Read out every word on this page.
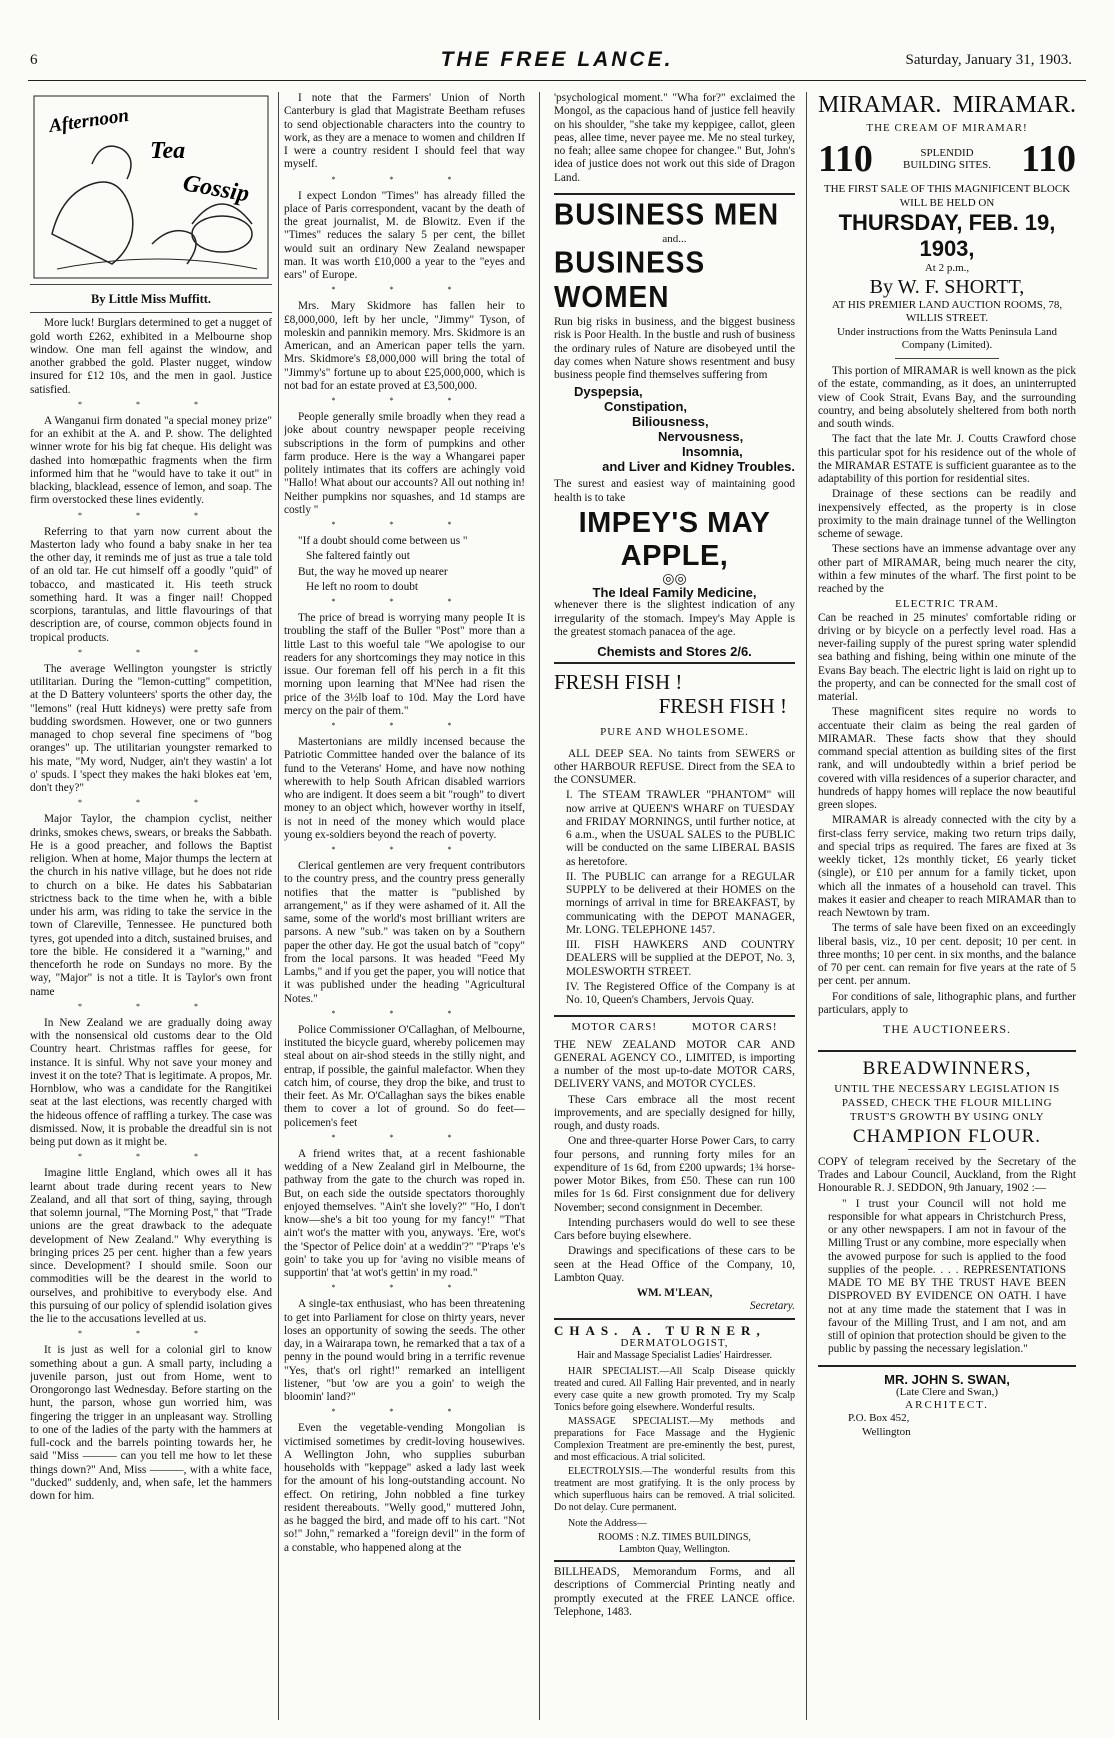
6	THE FREE LANCE.	Saturday, January 31, 1903.
Afternoon
Tea
Gossip
By Little Miss Muffitt.

More luck! Burglars determined to get a nugget of gold worth £262, exhibited in a Melbourne shop window. One man fell against the window, and another grabbed the gold. Plaster nugget, window insured for £12 10s, and the men in gaol. Justice satisfied.

* * *

A Wanganui firm donated "a special money prize" for an exhibit at the A. and P. show. The delighted winner wrote for his big fat cheque. His delight was dashed into homœpathic fragments when the firm informed him that he "would have to take it out" in blacking, blacklead, essence of lemon, and soap. The firm overstocked these lines evidently.

* * *

Referring to that yarn now current about the Masterton lady who found a baby snake in her tea the other day, it reminds me of just as true a tale told of an old tar. He cut himself off a goodly "quid" of tobacco, and masticated it. His teeth struck something hard. It was a finger nail! Chopped scorpions, tarantulas, and little flavourings of that description are, of course, common objects found in tropical products.

* * *

The average Wellington youngster is strictly utilitarian. During the "lemon-cutting" competition, at the D Battery volunteers' sports the other day, the "lemons" (real Hutt kidneys) were pretty safe from budding swordsmen. However, one or two gunners managed to chop several fine specimens of "bog oranges" up. The utilitarian youngster remarked to his mate, "My word, Nudger, ain't they wastin' a lot o' spuds. I 'spect they makes the haki blokes eat 'em, don't they?"

* * *

Major Taylor, the champion cyclist, neither drinks, smokes chews, swears, or breaks the Sabbath. He is a good preacher, and follows the Baptist religion. When at home, Major thumps the lectern at the church in his native village, but he does not ride to church on a bike. He dates his Sabbatarian strictness back to the time when he, with a bible under his arm, was riding to take the service in the town of Clareville, Tennessee. He punctured both tyres, got upended into a ditch, sustained bruises, and tore the bible. He considered it a "warning," and thenceforth he rode on Sundays no more. By the way, "Major" is not a title. It is Taylor's own front name

* * *

In New Zealand we are gradually doing away with the nonsensical old customs dear to the Old Country heart. Christmas raffles for geese, for instance. It is sinful. Why not save your money and invest it on the tote? That is legitimate. A propos, Mr. Hornblow, who was a candidate for the Rangitikei seat at the last elections, was recently charged with the hideous offence of raffling a turkey. The case was dismissed. Now, it is probable the dreadful sin is not being put down as it might be.

* * *

Imagine little England, which owes all it has learnt about trade during recent years to New Zealand, and all that sort of thing, saying, through that solemn journal, "The Morning Post," that "Trade unions are the great drawback to the adequate development of New Zealand." Why everything is bringing prices 25 per cent. higher than a few years since. Development? I should smile. Soon our commodities will be the dearest in the world to ourselves, and prohibitive to everybody else. And this pursuing of our policy of splendid isolation gives the lie to the accusations levelled at us.

* * *

It is just as well for a colonial girl to know something about a gun. A small party, including a juvenile parson, just out from Home, went to Orongorongo last Wednesday. Before starting on the hunt, the parson, whose gun worried him, was fingering the trigger in an unpleasant way. Strolling to one of the ladies of the party with the hammers at full-cock and the barrels pointing towards her, he said "Miss ——— can you tell me how to let these things down?" And, Miss ———, with a white face, "ducked" suddenly, and, when safe, let the hammers down for him.

I note that the Farmers' Union of North Canterbury is glad that Magistrate Beetham refuses to send objectionable characters into the country to work, as they are a menace to women and children If I were a country resident I should feel that way myself.

* * *

I expect London "Times" has already filled the place of Paris correspondent, vacant by the death of the great journalist, M. de Blowitz. Even if the "Times" reduces the salary 5 per cent, the billet would suit an ordinary New Zealand newspaper man. It was worth £10,000 a year to the "eyes and ears" of Europe.

* * *

Mrs. Mary Skidmore has fallen heir to £8,000,000, left by her uncle, "Jimmy" Tyson, of moleskin and pannikin memory. Mrs. Skidmore is an American, and an American paper tells the yarn. Mrs. Skidmore's £8,000,000 will bring the total of "Jimmy's" fortune up to about £25,000,000, which is not bad for an estate proved at £3,500,000.

* * *

People generally smile broadly when they read a joke about country newspaper people receiving subscriptions in the form of pumpkins and other farm produce. Here is the way a Whangarei paper politely intimates that its coffers are achingly void "Hallo! What about our accounts? All out nothing in! Neither pumpkins nor squashes, and 1d stamps are costly "

* * *

"If a doubt should come between us "

She faltered faintly out

But, the way he moved up nearer

He left no room to doubt

* * *

The price of bread is worrying many people It is troubling the staff of the Buller "Post" more than a little Last to this woeful tale "We apologise to our readers for any shortcomings they may notice in this issue. Our foreman fell off his perch in a fit this morning upon learning that M'Nee had risen the price of the 3½lb loaf to 10d. May the Lord have mercy on the pair of them."

* * *

Mastertonians are mildly incensed because the Patriotic Committee handed over the balance of its fund to the Veterans' Home, and have now nothing wherewith to help South African disabled warriors who are indigent. It does seem a bit "rough" to divert money to an object which, however worthy in itself, is not in need of the money which would place young ex-soldiers beyond the reach of poverty.

* * *

Clerical gentlemen are very frequent contributors to the country press, and the country press generally notifies that the matter is "published by arrangement," as if they were ashamed of it. All the same, some of the world's most brilliant writers are parsons. A new "sub." was taken on by a Southern paper the other day. He got the usual batch of "copy" from the local parsons. It was headed "Feed My Lambs," and if you get the paper, you will notice that it was published under the heading "Agricultural Notes."

* * *

Police Commissioner O'Callaghan, of Melbourne, instituted the bicycle guard, whereby policemen may steal about on air-shod steeds in the stilly night, and entrap, if possible, the gainful malefactor. When they catch him, of course, they drop the bike, and trust to their feet. As Mr. O'Callaghan says the bikes enable them to cover a lot of ground. So do feet—policemen's feet

* * *

A friend writes that, at a recent fashionable wedding of a New Zealand girl in Melbourne, the pathway from the gate to the church was roped in. But, on each side the outside spectators thoroughly enjoyed themselves. "Ain't she lovely?" "Ho, I don't know—she's a bit too young for my fancy!" "That ain't wot's the matter with you, anyways. 'Ere, wot's the 'Spector of Pelice doin' at a weddin'?" "P'raps 'e's goin' to take you up for 'aving no visible means of supportin' that 'at wot's gettin' in my road."

* * *

A single-tax enthusiast, who has been threatening to get into Parliament for close on thirty years, never loses an opportunity of sowing the seeds. The other day, in a Wairarapa town, he remarked that a tax of a penny in the pound would bring in a terrific revenue "Yes, that's orl right!" remarked an intelligent listener, "but 'ow are you a goin' to weigh the bloomin' land?"

* * *

Even the vegetable-vending Mongolian is victimised sometimes by credit-loving housewives. A Wellington John, who supplies suburban households with "keppage" asked a lady last week for the amount of his long-outstanding account. No effect. On retiring, John nobbled a fine turkey resident thereabouts. "Welly good," muttered John, as he bagged the bird, and made off to his cart. "Not so!" John," remarked a "foreign devil" in the form of a constable, who happened along at the

'psychological moment." "Wha for?" exclaimed the Mongol, as the capacious hand of justice fell heavily on his shoulder, "she take my keppigee, callot, gleen peas, allee time, never payee me. Me no steal turkey, no feah; allee same chopee for changee." But, John's idea of justice does not work out this side of Dragon Land.

BUSINESS MEN
and...
BUSINESS WOMEN

Run big risks in business, and the biggest business risk is Poor Health. In the bustle and rush of business the ordinary rules of Nature are disobeyed until the day comes when Nature shows resentment and busy business people find themselves suffering from

Dyspepsia,
Constipation,
Biliousness,
Nervousness,
Insomnia,
and Liver and Kidney Troubles.

The surest and easiest way of maintaining good health is to take

IMPEY'S MAY APPLE,
◎◎
The Ideal Family Medicine,

whenever there is the slightest indication of any irregularity of the stomach. Impey's May Apple is the greatest stomach panacea of the age.

Chemists and Stores 2/6.
FRESH FISH !
FRESH FISH !
PURE AND WHOLESOME.

ALL DEEP SEA. No taints from SEWERS or other HARBOUR REFUSE. Direct from the SEA to the CONSUMER.

I. The STEAM TRAWLER "PHANTOM" will now arrive at QUEEN'S WHARF on TUESDAY and FRIDAY MORNINGS, until further notice, at 6 a.m., when the USUAL SALES to the PUBLIC will be conducted on the same LIBERAL BASIS as heretofore.

II. The PUBLIC can arrange for a REGULAR SUPPLY to be delivered at their HOMES on the mornings of arrival in time for BREAKFAST, by communicating with the DEPOT MANAGER, Mr. LONG. TELEPHONE 1457.

III. FISH HAWKERS AND COUNTRY DEALERS will be supplied at the DEPOT, No. 3, MOLESWORTH STREET.

IV. The Registered Office of the Company is at No. 10, Queen's Chambers, Jervois Quay.

MOTOR CARS!	MOTOR CARS!

THE NEW ZEALAND MOTOR CAR AND GENERAL AGENCY CO., LIMITED, is importing a number of the most up-to-date MOTOR CARS, DELIVERY VANS, and MOTOR CYCLES.

These Cars embrace all the most recent improvements, and are specially designed for hilly, rough, and dusty roads.

One and three-quarter Horse Power Cars, to carry four persons, and running forty miles for an expenditure of 1s 6d, from £200 upwards; 1¾ horse-power Motor Bikes, from £50. These can run 100 miles for 1s 6d. First consignment due for delivery November; second consignment in December.

Intending purchasers would do well to see these Cars before buying elsewhere.

Drawings and specifications of these cars to be seen at the Head Office of the Company, 10, Lambton Quay.

WM. M'LEAN,
Secretary.
CHAS. A. TURNER,
DERMATOLOGIST,
Hair and Massage Specialist Ladies' Hairdresser.

HAIR SPECIALIST.—All Scalp Disease quickly treated and cured. All Falling Hair prevented, and in nearly every case quite a new growth promoted. Try my Scalp Tonics before going elsewhere. Wonderful results.

MASSAGE SPECIALIST.—My methods and preparations for Face Massage and the Hygienic Complexion Treatment are pre-eminently the best, purest, and most efficacious. A trial solicited.

ELECTROLYSIS.—The wonderful results from this treatment are most gratifying. It is the only process by which superfluous hairs can be removed. A trial solicited. Do not delay. Cure permanent.

Note the Address—

ROOMS : N.Z. TIMES BUILDINGS,
Lambton Quay, Wellington.

BILLHEADS, Memorandum Forms, and all descriptions of Commercial Printing neatly and promptly executed at the FREE LANCE office. Telephone, 1483.

MIRAMAR. MIRAMAR.
THE CREAM OF MIRAMAR!
110	SPLENDID
BUILDING SITES. 110
THE FIRST SALE OF THIS MAGNIFICENT BLOCK
WILL BE HELD ON
THURSDAY, FEB. 19, 1903,
At 2 p.m.,
By W. F. SHORTT,
AT HIS PREMIER LAND AUCTION ROOMS, 78, WILLIS STREET.
Under instructions from the Watts Peninsula Land Company (Limited).

This portion of MIRAMAR is well known as the pick of the estate, commanding, as it does, an uninterrupted view of Cook Strait, Evans Bay, and the surrounding country, and being absolutely sheltered from both north and south winds.

The fact that the late Mr. J. Coutts Crawford chose this particular spot for his residence out of the whole of the MIRAMAR ESTATE is sufficient guarantee as to the adaptability of this portion for residential sites.

Drainage of these sections can be readily and inexpensively effected, as the property is in close proximity to the main drainage tunnel of the Wellington scheme of sewage.

These sections have an immense advantage over any other part of MIRAMAR, being much nearer the city, within a few minutes of the wharf. The first point to be reached by the

ELECTRIC TRAM.

Can be reached in 25 minutes' comfortable riding or driving or by bicycle on a perfectly level road. Has a never-failing supply of the purest spring water splendid sea bathing and fishing, being within one minute of the Evans Bay beach. The electric light is laid on right up to the property, and can be connected for the small cost of material.

These magnificent sites require no words to accentuate their claim as being the real garden of MIRAMAR. These facts show that they should command special attention as building sites of the first rank, and will undoubtedly within a brief period be covered with villa residences of a superior character, and hundreds of happy homes will replace the now beautiful green slopes.

MIRAMAR is already connected with the city by a first-class ferry service, making two return trips daily, and special trips as required. The fares are fixed at 3s weekly ticket, 12s monthly ticket, £6 yearly ticket (single), or £10 per annum for a family ticket, upon which all the inmates of a household can travel. This makes it easier and cheaper to reach MIRAMAR than to reach Newtown by tram.

The terms of sale have been fixed on an exceedingly liberal basis, viz., 10 per cent. deposit; 10 per cent. in three months; 10 per cent. in six months, and the balance of 70 per cent. can remain for five years at the rate of 5 per cent. per annum.

For conditions of sale, lithographic plans, and further particulars, apply to

THE AUCTIONEERS.
BREADWINNERS,
UNTIL THE NECESSARY LEGISLATION IS PASSED, CHECK THE FLOUR MILLING TRUST'S GROWTH BY USING ONLY
CHAMPION FLOUR.

COPY of telegram received by the Secretary of the Trades and Labour Council, Auckland, from the Right Honourable R. J. SEDDON, 9th January, 1902 :—

" I trust your Council will not hold me responsible for what appears in Christchurch Press, or any other newspapers. I am not in favour of the Milling Trust or any combine, more especially when the avowed purpose for such is applied to the food supplies of the people. . . . REPRESENTATIONS MADE TO ME BY THE TRUST HAVE BEEN DISPROVED BY EVIDENCE ON OATH. I have not at any time made the statement that I was in favour of the Milling Trust, and I am not, and am still of opinion that protection should be given to the public by passing the necessary legislation."

MR. JOHN S. SWAN,
(Late Clere and Swan,)
ARCHITECT.
P.O. Box 452,
Wellington
